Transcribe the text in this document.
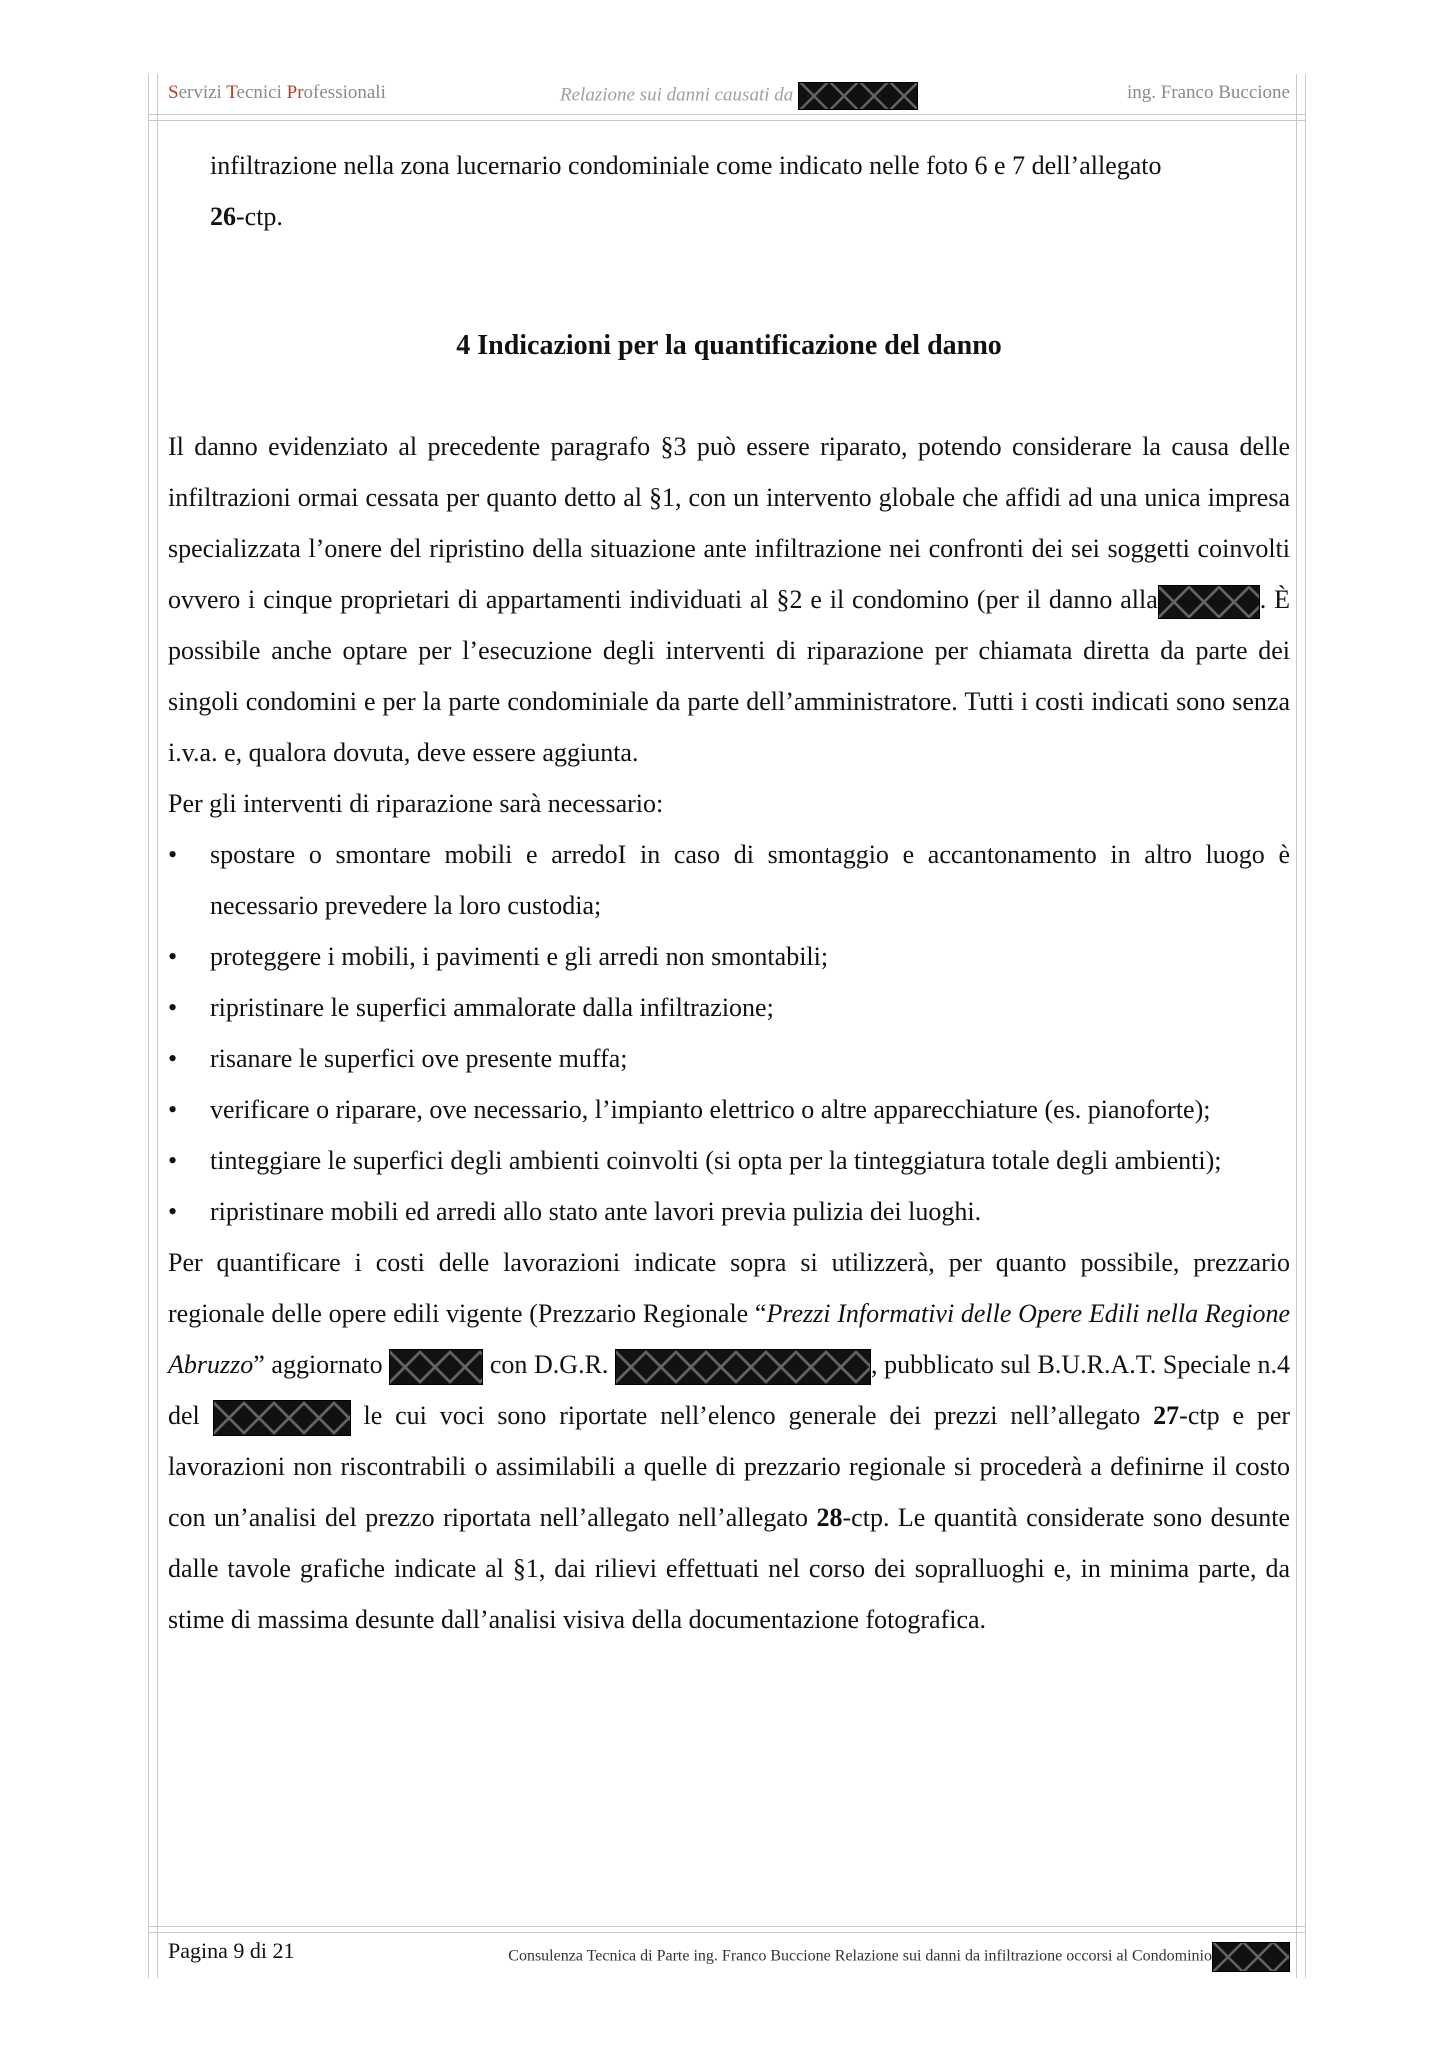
Servizi Tecnici Professionali	Relazione sui danni causati da	ing. Franco Buccione

infiltrazione nella zona lucernario condominiale come indicato nelle foto 6 e 7 dell’allegato
26-ctp.

4 Indicazioni per la quantificazione del danno

Il danno evidenziato al precedente paragrafo §3 può essere riparato, potendo considerare la causa delle infiltrazioni ormai cessata per quanto detto al §1, con un intervento globale che affidi ad una unica impresa specializzata l’onere del ripristino della situazione ante infiltrazione nei confronti dei sei soggetti coinvolti ovvero i cinque proprietari di appartamenti individuati al §2 e il condomino (per il danno alla	. È possibile anche optare per l’esecuzione degli interventi di riparazione per chiamata diretta da parte dei singoli condomini e per la parte condominiale da parte dell’amministratore. Tutti i costi indicati sono senza i.v.a. e, qualora dovuta, deve essere aggiunta.

Per gli interventi di riparazione sarà necessario:

• spostare o smontare mobili e arredoI in caso di smontaggio e accantonamento in altro luogo è necessario prevedere la loro custodia;
• proteggere i mobili, i pavimenti e gli arredi non smontabili;
• ripristinare le superfici ammalorate dalla infiltrazione;
• risanare le superfici ove presente muffa;
• verificare o riparare, ove necessario, l’impianto elettrico o altre apparecchiature (es. pianoforte);
• tinteggiare le superfici degli ambienti coinvolti (si opta per la tinteggiatura totale degli ambienti);
• ripristinare mobili ed arredi allo stato ante lavori previa pulizia dei luoghi.

Per quantificare i costi delle lavorazioni indicate sopra si utilizzerà, per quanto possibile, prezzario regionale delle opere edili vigente (Prezzario Regionale “Prezzi Informativi delle Opere Edili nella Regione Abruzzo” aggiornato	con D.G.R.	, pubblicato sul B.U.R.A.T. Speciale n.4 del	le cui voci sono riportate nell’elenco generale dei prezzi nell’allegato 27-ctp e per lavorazioni non riscontrabili o assimilabili a quelle di prezzario regionale si procederà a definirne il costo con un’analisi del prezzo riportata nell’allegato nell’allegato 28-ctp. Le quantità considerate sono desunte dalle tavole grafiche indicate al §1, dai rilievi effettuati nel corso dei sopralluoghi e, in minima parte, da stime di massima desunte dall’analisi visiva della documentazione fotografica.

Pagina 9 di 21	Consulenza Tecnica di Parte ing. Franco Buccione Relazione sui danni da infiltrazione occorsi al Condominio
